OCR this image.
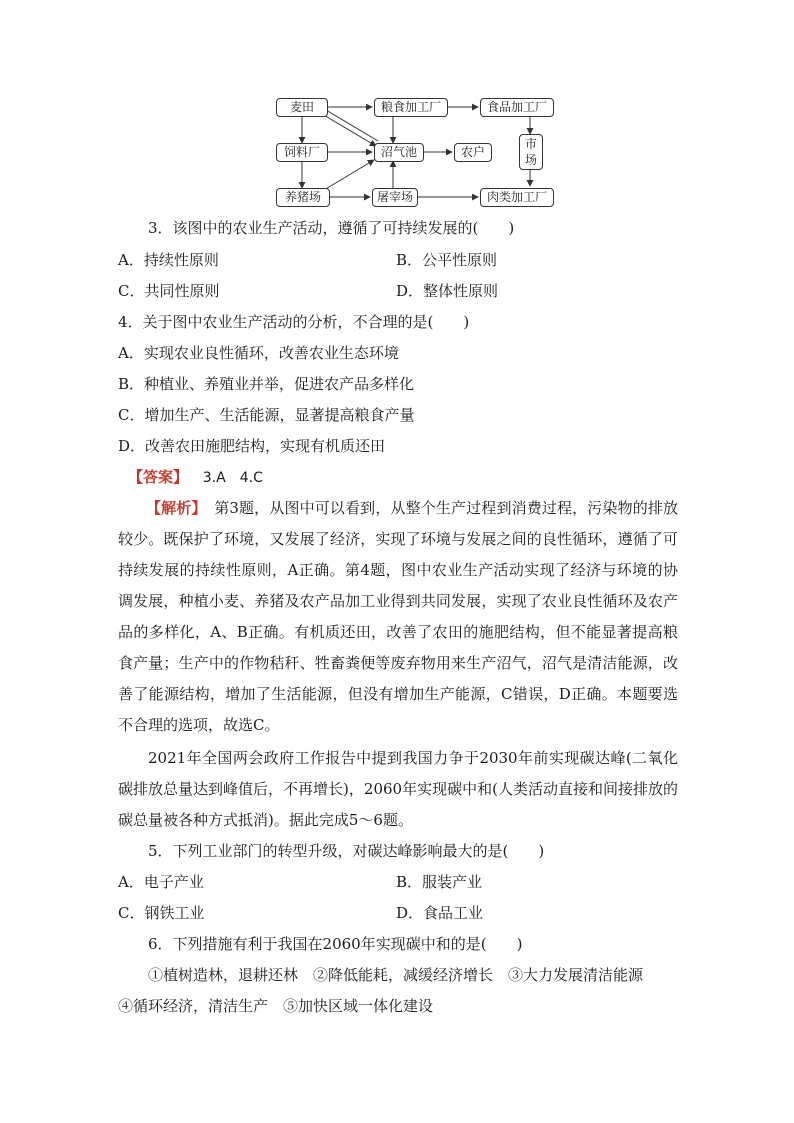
麦田	粮食加工厂	食品加工厂
饲料厂	沼气池	农户
市
场
养猪场	屠宰场	肉类加工厂
3．该图中的农业生产活动，遵循了可持续发展的(　　)
A．持续性原则	B．公平性原则
C．共同性原则	D．整体性原则
4．关于图中农业生产活动的分析，不合理的是(　　)
A．实现农业良性循环，改善农业生态环境
B．种植业、养殖业并举，促进农产品多样化
C．增加生产、生活能源，显著提高粮食产量
D．改善农田施肥结构，实现有机质还田
【答案】 3.A　4.C
【解析】　第3题，从图中可以看到，从整个生产过程到消费过程，污染物的排放较少。既保护了环境，又发展了经济，实现了环境与发展之间的良性循环，遵循了可持续发展的持续性原则，A正确。第4题，图中农业生产活动实现了经济与环境的协调发展，种植小麦、养猪及农产品加工业得到共同发展，实现了农业良性循环及农产品的多样化，A、B正确。有机质还田，改善了农田的施肥结构，但不能显著提高粮食产量；生产中的作物秸秆、牲畜粪便等废弃物用来生产沼气，沼气是清洁能源，改善了能源结构，增加了生活能源，但没有增加生产能源，C错误，D正确。本题要选不合理的选项，故选C。
2021年全国两会政府工作报告中提到我国力争于2030年前实现碳达峰(二氧化碳排放总量达到峰值后，不再增长)，2060年实现碳中和(人类活动直接和间接排放的碳总量被各种方式抵消)。据此完成5～6题。
5．下列工业部门的转型升级，对碳达峰影响最大的是(　　)
A．电子产业	B．服装产业
C．钢铁工业	D．食品工业
6．下列措施有利于我国在2060年实现碳中和的是(　　)
①植树造林，退耕还林　②降低能耗，减缓经济增长　③大力发展清洁能源
④循环经济，清洁生产　⑤加快区域一体化建设
